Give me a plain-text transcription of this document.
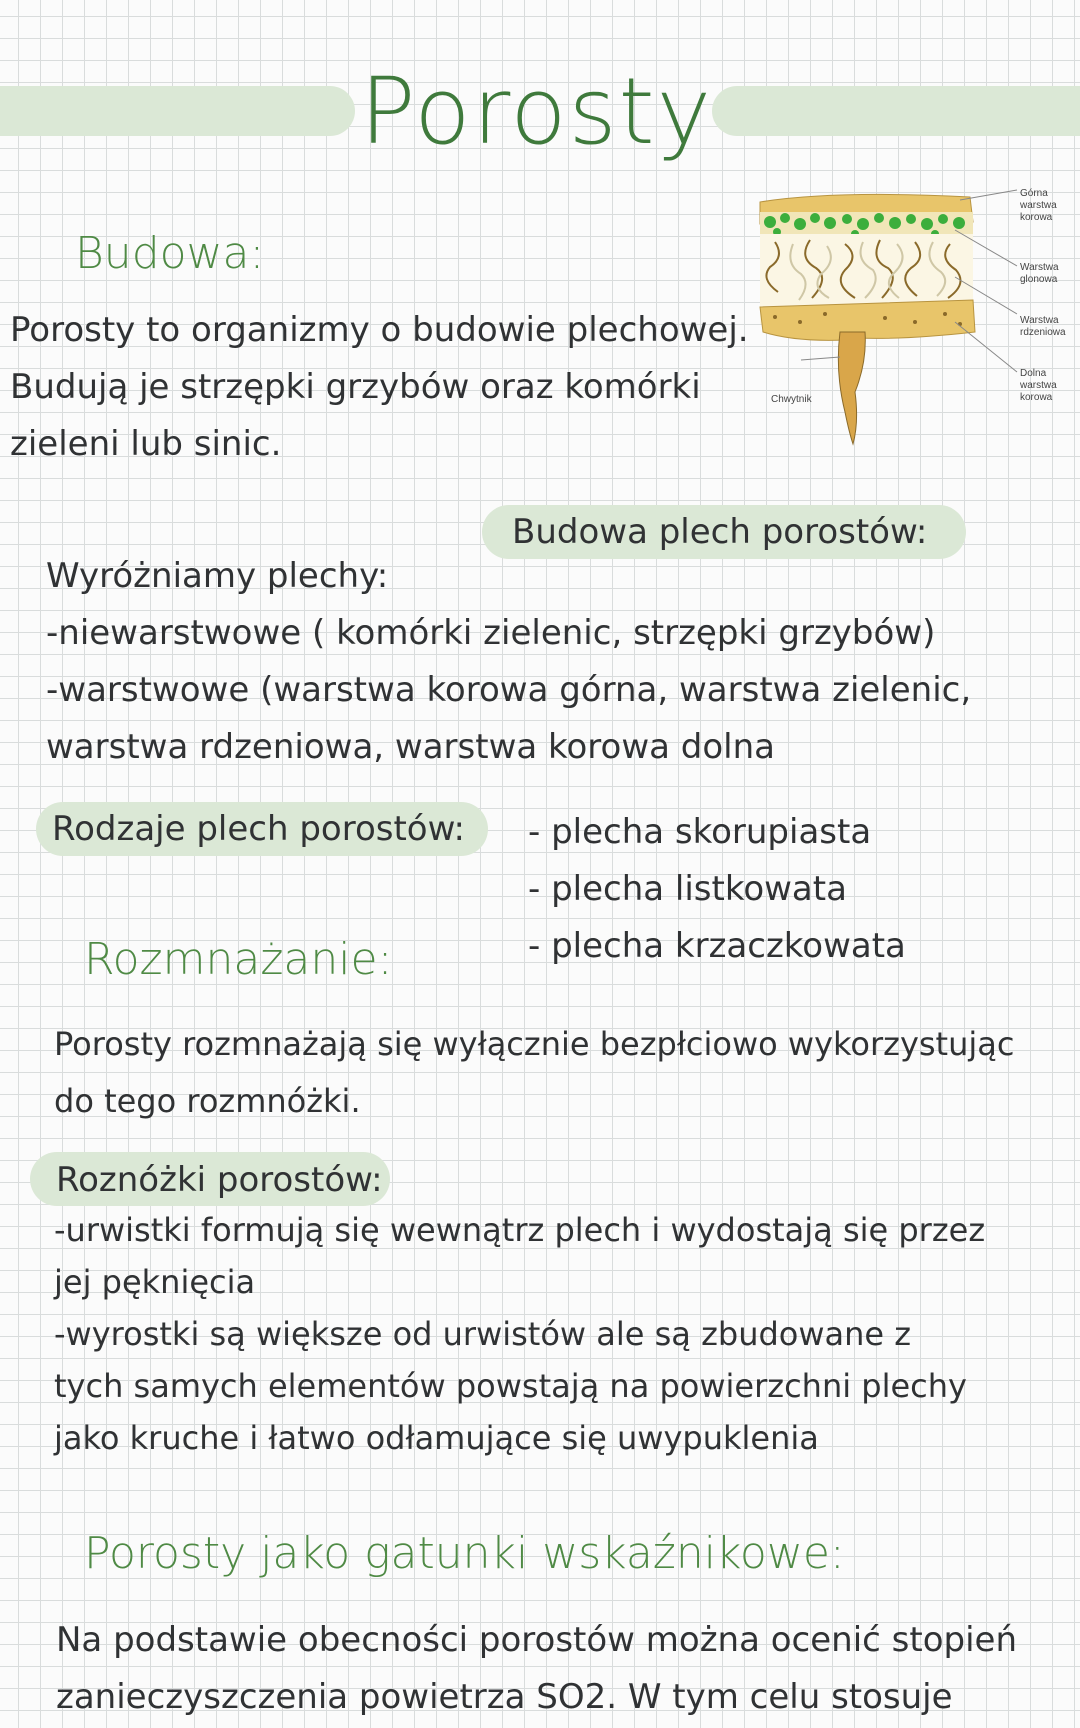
Porosty
Budowa:
Porosty to organizmy o budowie plechowej.
Budują je strzępki grzybów oraz komórki
zieleni lub sinic.
Górna
warstwa
korowa
Warstwa
glonowa
Warstwa
rdzeniowa
Dolna
warstwa
korowa
Chwytnik
Budowa plech porostów:
Wyróżniamy plechy:
-niewarstwowe ( komórki zielenic, strzępki grzybów)
-warstwowe (warstwa korowa górna, warstwa zielenic,
warstwa rdzeniowa, warstwa korowa dolna
Rodzaje plech porostów: - plecha skorupiasta
- plecha listkowata
- plecha krzaczkowata
Rozmnażanie:
Porosty rozmnażają się wyłącznie bezpłciowo wykorzystując
do tego rozmnóżki.
Roznóżki porostów:
-urwistki formują się wewnątrz plech i wydostają się przez
jej pęknięcia
-wyrostki są większe od urwistów ale są zbudowane z
tych samych elementów powstają na powierzchni plechy
jako kruche i łatwo odłamujące się uwypuklenia
Porosty jako gatunki wskaźnikowe:
Na podstawie obecności porostów można ocenić stopień
zanieczyszczenia powietrza SO2. W tym celu stosuje
